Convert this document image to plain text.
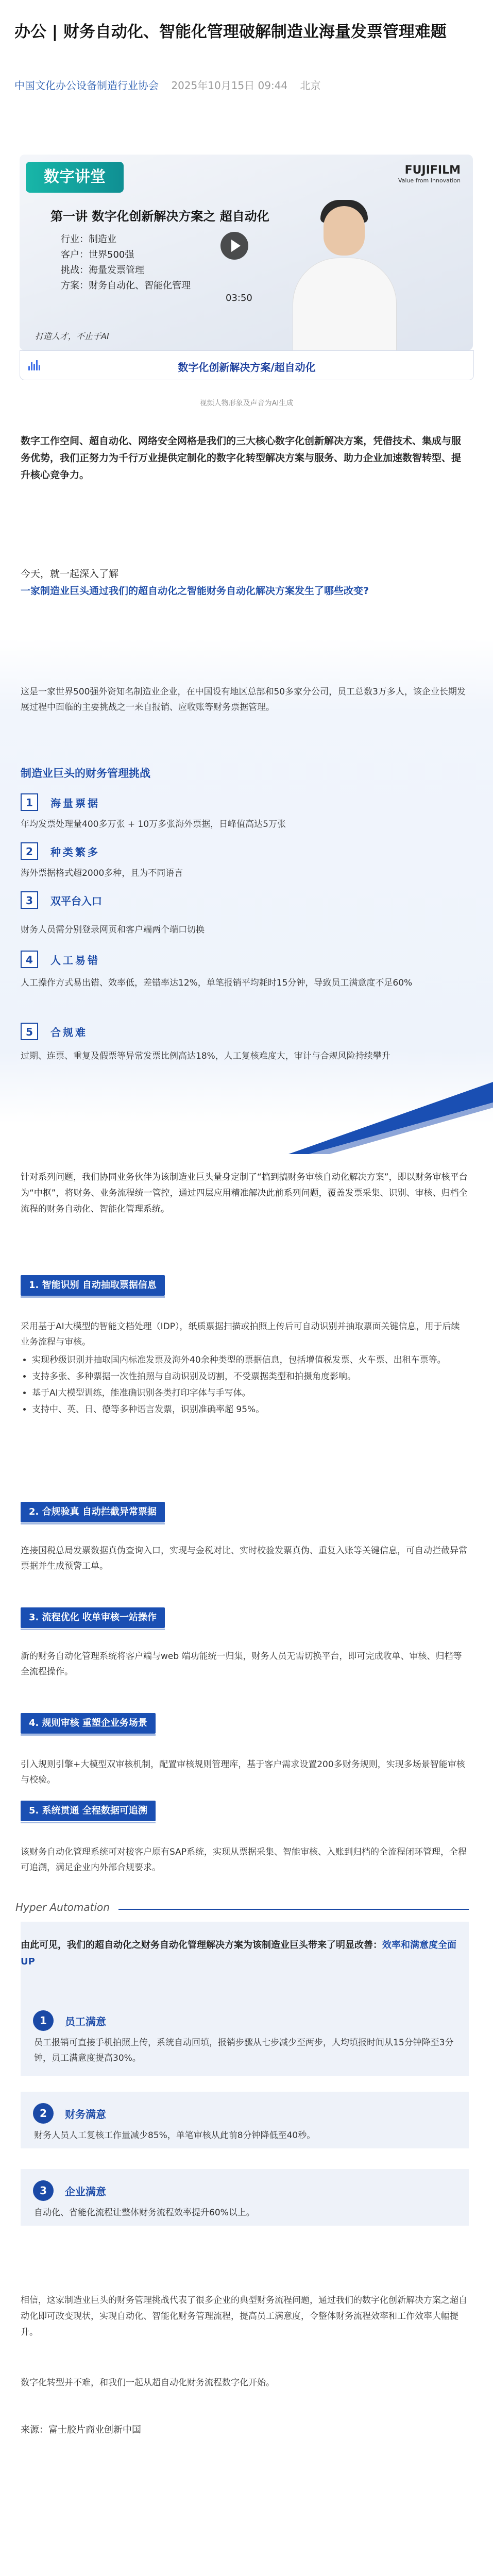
办公 | 财务自动化、智能化管理破解制造业海量发票管理难题
中国文化办公设备制造行业协会 2025年10月15日 09:44 北京
数字讲堂	FUJIFILM
Value from Innovation
第一讲 数字化创新解决方案之 超自动化
行业：制造业
客户：世界500强
挑战：海量发票管理
方案：财务自动化、智能化管理
03:50
打造人才，不止于AI
数字化创新解决方案/超自动化
视频人物形象及声音为AI生成
数字工作空间、超自动化、网络安全网格是我们的三大核心数字化创新解决方案，凭借技术、集成与服务优势，我们正努力为千行万业提供定制化的数字化转型解决方案与服务、助力企业加速数智转型、提升核心竞争力。
今天，就一起深入了解
一家制造业巨头通过我们的超自动化之智能财务自动化解决方案发生了哪些改变?
这是一家世界500强外资知名制造业企业，在中国设有地区总部和50多家分公司，员工总数3万多人，该企业长期发展过程中面临的主要挑战之一来自报销、应收账等财务票据管理。
制造业巨头的财务管理挑战
1	海量票据
年均发票处理量400多万张 + 10万多张海外票据，日峰值高达5万张
2	种类繁多
海外票据格式超2000多种，且为不同语言
3	双平台入口
财务人员需分别登录网页和客户端两个端口切换
4	人工易错
人工操作方式易出错、效率低，差错率达12%，单笔报销平均耗时15分钟，导致员工满意度不足60%
5	合规难
过期、连票、重复及假票等异常发票比例高达18%，人工复核难度大，审计与合规风险持续攀升
针对系列问题，我们协同业务伙伴为该制造业巨头量身定制了“搞到搞财务审核自动化解决方案”，即以财务审核平台为“中枢”，将财务、业务流程统一管控，通过四层应用精准解决此前系列问题，覆盖发票采集、识别、审核、归档全流程的财务自动化、智能化管理系统。
1. 智能识别 自动抽取票据信息
采用基于AI大模型的智能文档处理（IDP），纸质票据扫描或拍照上传后可自动识别并抽取票面关键信息，用于后续业务流程与审核。
• 实现秒级识别并抽取国内标准发票及海外40余种类型的票据信息，包括增值税发票、火车票、出租车票等。
• 支持多张、多种票据一次性拍照与自动识别及切割，不受票据类型和拍摄角度影响。
• 基于AI大模型训练，能准确识别各类打印字体与手写体。
• 支持中、英、日、德等多种语言发票，识别准确率超 95%。
2. 合规验真 自动拦截异常票据
连接国税总局发票数据真伪查询入口，实现与金税对比、实时校验发票真伪、重复入账等关键信息，可自动拦截异常票据并生成预警工单。
3. 流程优化 收单审核一站操作
新的财务自动化管理系统将客户端与web 端功能统一归集，财务人员无需切换平台，即可完成收单、审核、归档等全流程操作。
4. 规则审核 重塑企业务场景
引入规则引擎+大模型双审核机制，配置审核规则管理库，基于客户需求设置200多财务规则，实现多场景智能审核与校验。
5. 系统贯通 全程数据可追溯
该财务自动化管理系统可对接客户原有SAP系统，实现从票据采集、智能审核、入账到归档的全流程闭环管理，全程可追溯，满足企业内外部合规要求。
Hyper Automation
由此可见，我们的超自动化之财务自动化管理解决方案为该制造业巨头带来了明显改善：效率和满意度全面UP
1	员工满意
员工报销可直接手机拍照上传，系统自动回填，报销步骤从七步减少至两步，人均填报时间从15分钟降至3分钟，员工满意度提高30%。
2	财务满意
财务人员人工复核工作量减少85%，单笔审核从此前8分钟降低至40秒。
3	企业满意
自动化、省能化流程让整体财务流程效率提升60%以上。
相信，这家制造业巨头的财务管理挑战代表了很多企业的典型财务流程问题，通过我们的数字化创新解决方案之超自动化即可改变现状，实现自动化、智能化财务管理流程，提高员工满意度，令整体财务流程效率和工作效率大幅提升。
数字化转型并不难，和我们一起从超自动化财务流程数字化开始。
来源：富士胶片商业创新中国
